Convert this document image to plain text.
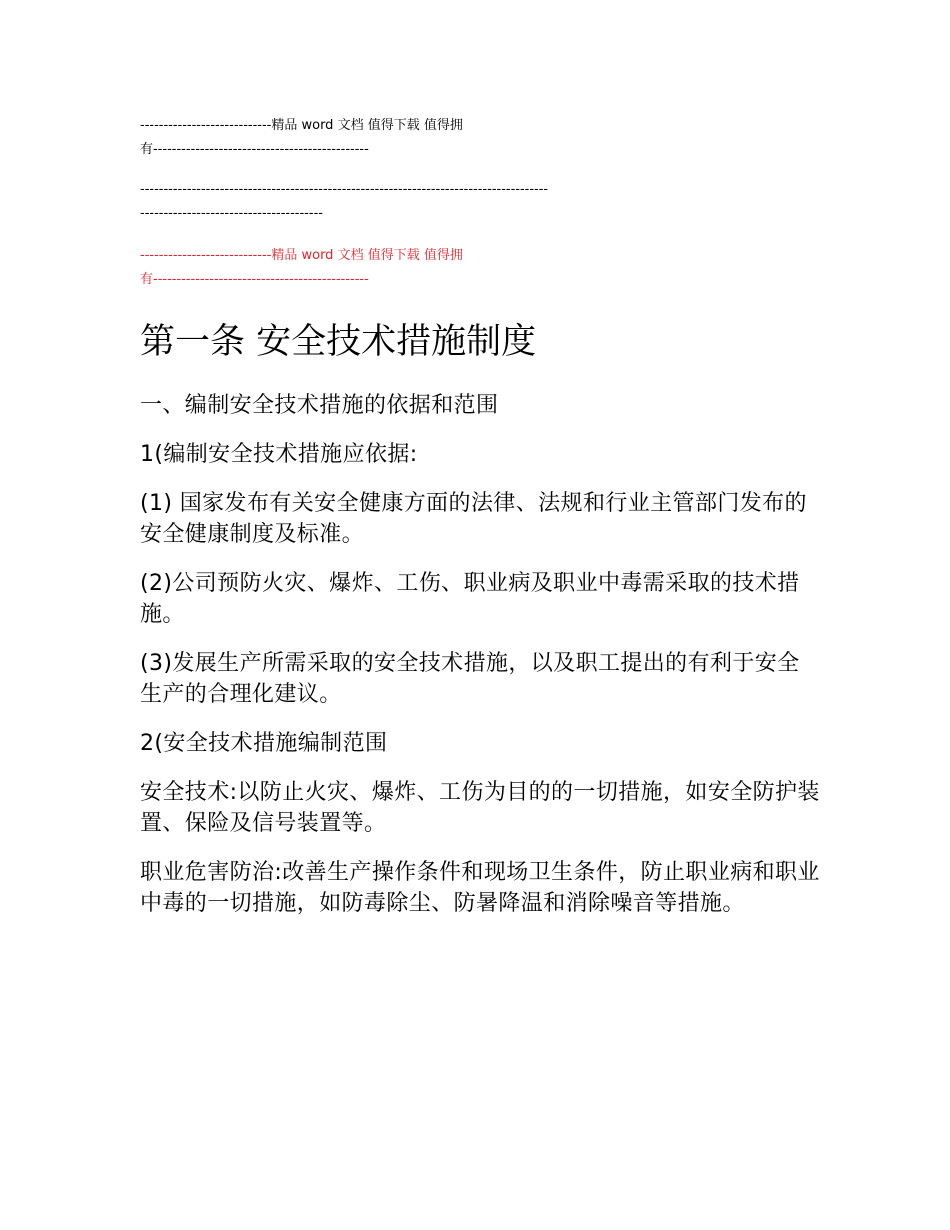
----------------------------精品 word 文档 值得下载 值得拥
有----------------------------------------------
---------------------------------------------------------------------------------------
---------------------------------------
----------------------------精品 word 文档 值得下载 值得拥
有----------------------------------------------
第一条 安全技术措施制度

一、编制安全技术措施的依据和范围

1(编制安全技术措施应依据:

(1) 国家发布有关安全健康方面的法律、法规和行业主管部门发布的安全健康制度及标准。

(2)公司预防火灾、爆炸、工伤、职业病及职业中毒需采取的技术措施。

(3)发展生产所需采取的安全技术措施，以及职工提出的有利于安全生产的合理化建议。

2(安全技术措施编制范围

安全技术:以防止火灾、爆炸、工伤为目的的一切措施，如安全防护装置、保险及信号装置等。

职业危害防治:改善生产操作条件和现场卫生条件，防止职业病和职业中毒的一切措施，如防毒除尘、防暑降温和消除噪音等措施。
